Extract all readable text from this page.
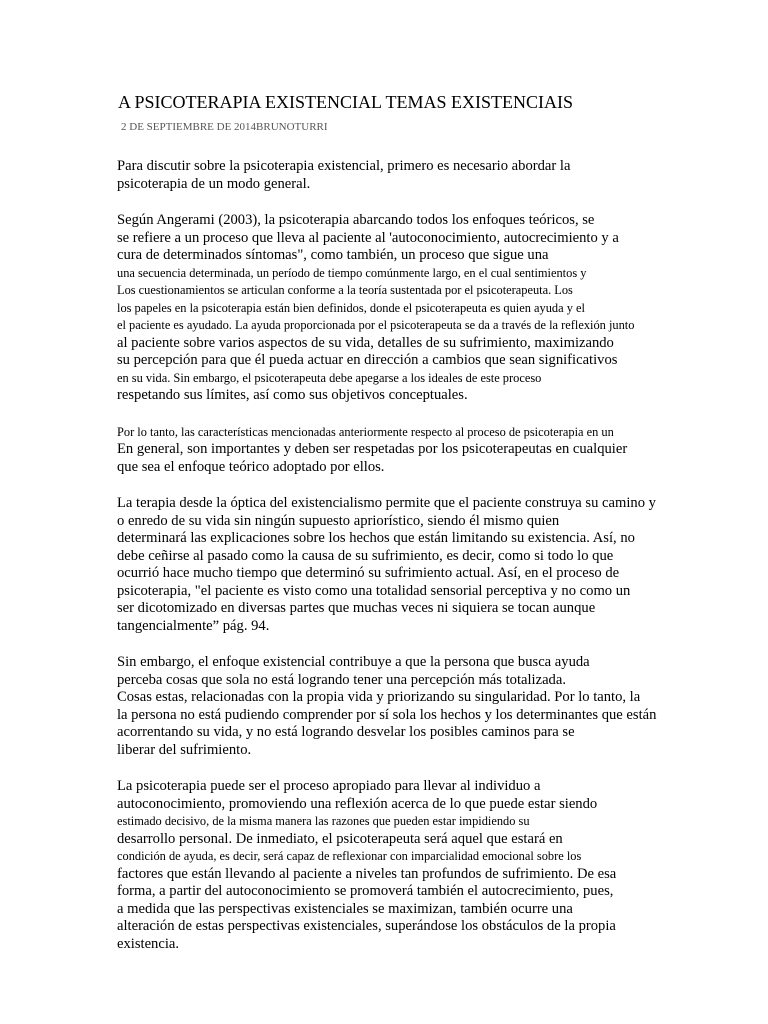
A PSICOTERAPIA EXISTENCIAL TEMAS EXISTENCIAIS
2 DE SEPTIEMBRE DE 2014BRUNOTURRI

Para discutir sobre la psicoterapia existencial, primero es necesario abordar la
psicoterapia de un modo general.

Según Angerami (2003), la psicoterapia abarcando todos los enfoques teóricos, se
se refiere a un proceso que lleva al paciente al 'autoconocimiento, autocrecimiento y a
cura de determinados síntomas", como también, un proceso que sigue una
una secuencia determinada, un período de tiempo comúnmente largo, en el cual sentimientos y
Los cuestionamientos se articulan conforme a la teoría sustentada por el psicoterapeuta. Los
los papeles en la psicoterapia están bien definidos, donde el psicoterapeuta es quien ayuda y el
el paciente es ayudado. La ayuda proporcionada por el psicoterapeuta se da a través de la reflexión junto
al paciente sobre varios aspectos de su vida, detalles de su sufrimiento, maximizando
su percepción para que él pueda actuar en dirección a cambios que sean significativos
en su vida. Sin embargo, el psicoterapeuta debe apegarse a los ideales de este proceso
respetando sus límites, así como sus objetivos conceptuales.

Por lo tanto, las características mencionadas anteriormente respecto al proceso de psicoterapia en un
En general, son importantes y deben ser respetadas por los psicoterapeutas en cualquier
que sea el enfoque teórico adoptado por ellos.

La terapia desde la óptica del existencialismo permite que el paciente construya su camino y
o enredo de su vida sin ningún supuesto apriorístico, siendo él mismo quien
determinará las explicaciones sobre los hechos que están limitando su existencia. Así, no
debe ceñirse al pasado como la causa de su sufrimiento, es decir, como si todo lo que
ocurrió hace mucho tiempo que determinó su sufrimiento actual. Así, en el proceso de
psicoterapia, "el paciente es visto como una totalidad sensorial perceptiva y no como un
ser dicotomizado en diversas partes que muchas veces ni siquiera se tocan aunque
tangencialmente” pág. 94.

Sin embargo, el enfoque existencial contribuye a que la persona que busca ayuda
perceba cosas que sola no está logrando tener una percepción más totalizada.
Cosas estas, relacionadas con la propia vida y priorizando su singularidad. Por lo tanto, la
la persona no está pudiendo comprender por sí sola los hechos y los determinantes que están
acorrentando su vida, y no está logrando desvelar los posibles caminos para se
liberar del sufrimiento.

La psicoterapia puede ser el proceso apropiado para llevar al individuo a
autoconocimiento, promoviendo una reflexión acerca de lo que puede estar siendo
estimado decisivo, de la misma manera las razones que pueden estar impidiendo su
desarrollo personal. De inmediato, el psicoterapeuta será aquel que estará en
condición de ayuda, es decir, será capaz de reflexionar con imparcialidad emocional sobre los
factores que están llevando al paciente a niveles tan profundos de sufrimiento. De esa
forma, a partir del autoconocimiento se promoverá también el autocrecimiento, pues,
a medida que las perspectivas existenciales se maximizan, también ocurre una
alteración de estas perspectivas existenciales, superándose los obstáculos de la propia
existencia.
